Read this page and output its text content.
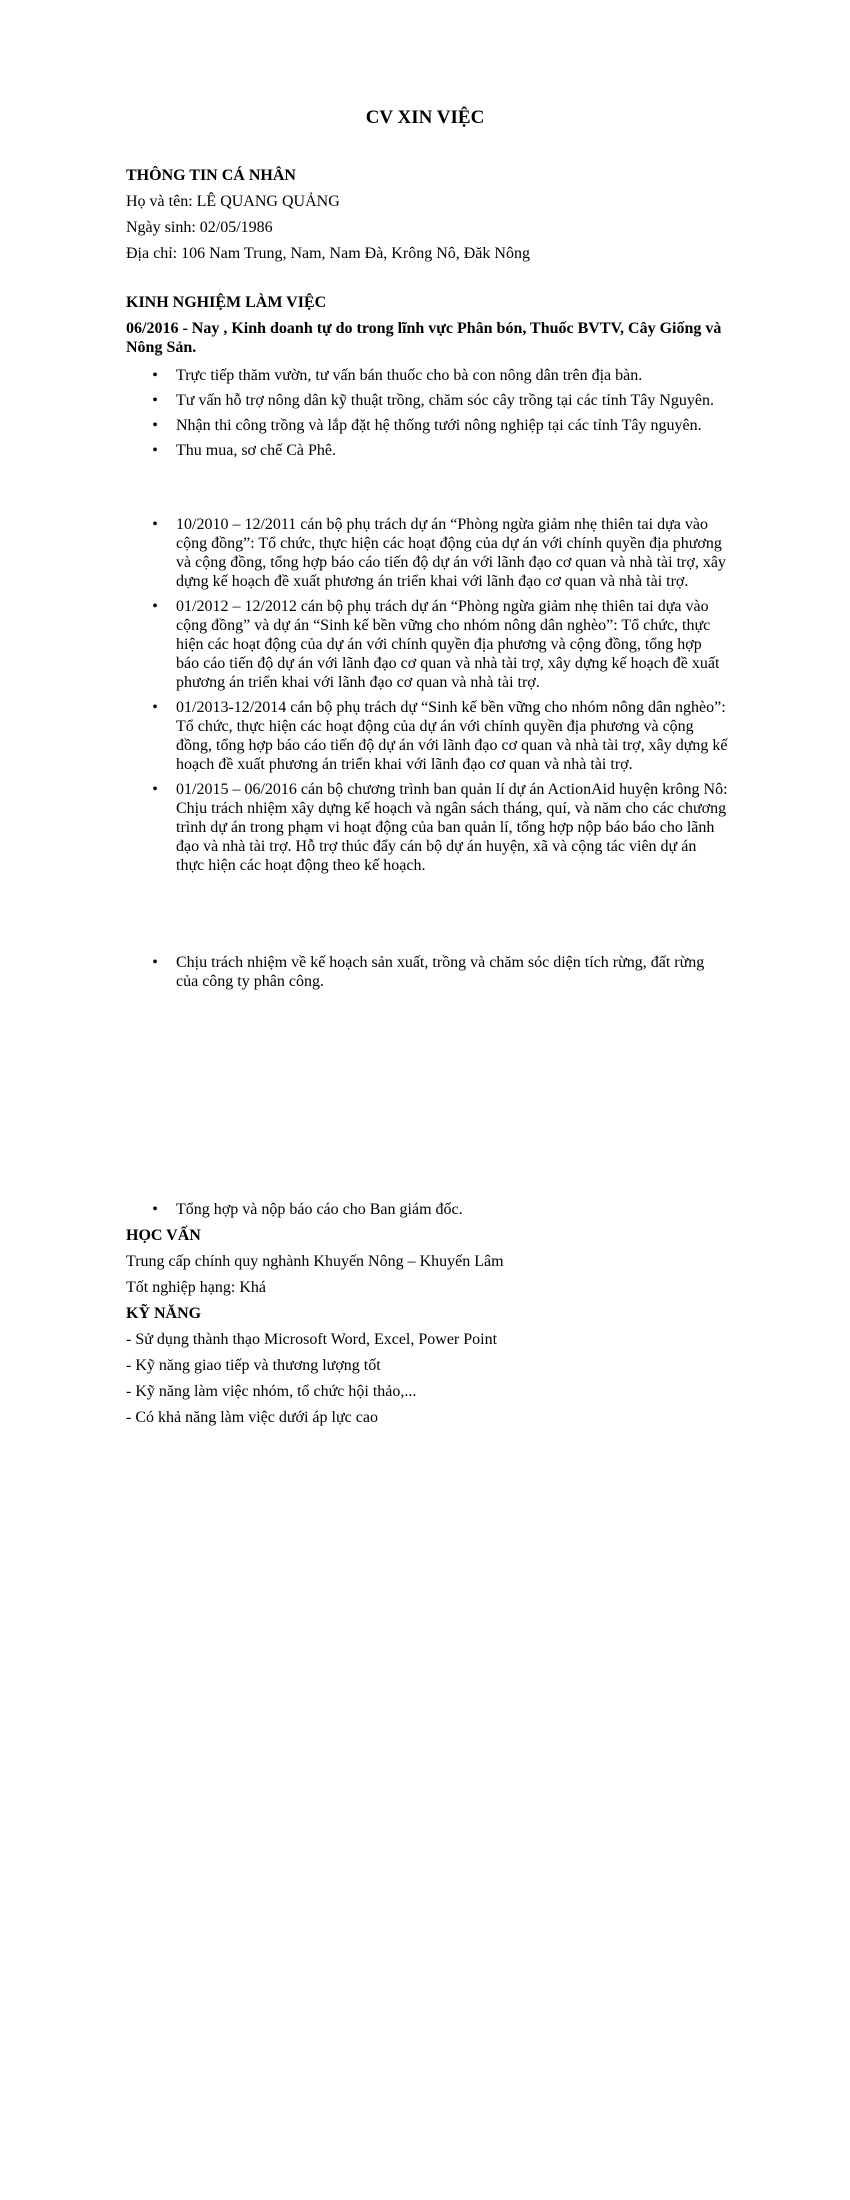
CV XIN VIỆC
THÔNG TIN CÁ NHÂN
Họ và tên: LÊ QUANG QUẢNG
Ngày sinh: 02/05/1986
Địa chỉ: 106 Nam Trung, Nam, Nam Đà, Krông Nô, Đăk Nông
KINH NGHIỆM LÀM VIỆC
06/2016 - Nay , Kinh doanh tự do trong lĩnh vực Phân bón, Thuốc BVTV, Cây Giống và Nông Sản.
• Trực tiếp thăm vườn, tư vấn bán thuốc cho bà con nông dân trên địa bàn.
• Tư vấn hỗ trợ nông dân kỹ thuật trồng, chăm sóc cây trồng tại các tỉnh Tây Nguyên.
• Nhận thi công trồng và lắp đặt hệ thống tưới nông nghiệp tại các tỉnh Tây nguyên.
• Thu mua, sơ chế Cà Phê.
• 10/2010 – 12/2011 cán bộ phụ trách dự án “Phòng ngừa giảm nhẹ thiên tai dựa vào cộng đồng”: Tổ chức, thực hiện các hoạt động của dự án với chính quyền địa phương và cộng đồng, tổng hợp báo cáo tiến độ dự án với lãnh đạo cơ quan và nhà tài trợ, xây dựng kế hoạch đề xuất phương án triển khai với lãnh đạo cơ quan và nhà tài trợ.
• 01/2012 – 12/2012 cán bộ phụ trách dự án “Phòng ngừa giảm nhẹ thiên tai dựa vào cộng đồng” và dự án “Sinh kế bền vững cho nhóm nông dân nghèo”: Tổ chức, thực hiện các hoạt động của dự án với chính quyền địa phương và cộng đồng, tổng hợp báo cáo tiến độ dự án với lãnh đạo cơ quan và nhà tài trợ, xây dựng kế hoạch đề xuất phương án triển khai với lãnh đạo cơ quan và nhà tài trợ.
• 01/2013-12/2014 cán bộ phụ trách dự “Sinh kế bền vững cho nhóm nông dân nghèo”: Tổ chức, thực hiện các hoạt động của dự án với chính quyền địa phương và cộng đồng, tổng hợp báo cáo tiến độ dự án với lãnh đạo cơ quan và nhà tài trợ, xây dựng kế hoạch đề xuất phương án triển khai với lãnh đạo cơ quan và nhà tài trợ.
• 01/2015 – 06/2016 cán bộ chương trình ban quản lí dự án ActionAid huyện krông Nô: Chịu trách nhiệm xây dựng kế hoạch và ngân sách tháng, quí, và năm cho các chương trình dự án trong phạm vi hoạt động của ban quản lí, tổng hợp nộp báo báo cho lãnh đạo và nhà tài trợ. Hỗ trợ thúc đẩy cán bộ dự án huyện, xã và cộng tác viên dự án thực hiện các hoạt động theo kế hoạch.
• Chịu trách nhiệm về kế hoạch sản xuất, trồng và chăm sóc diện tích rừng, đất rừng của công ty phân công.
• Tổng hợp và nộp báo cáo cho Ban giám đốc.
HỌC VẤN
Trung cấp chính quy nghành Khuyến Nông – Khuyến Lâm
Tốt nghiệp hạng: Khá
KỸ NĂNG
- Sử dụng thành thạo Microsoft Word, Excel, Power Point
- Kỹ năng giao tiếp và thương lượng tốt
- Kỹ năng làm việc nhóm, tổ chức hội thảo,...
- Có khả năng làm việc dưới áp lực cao
